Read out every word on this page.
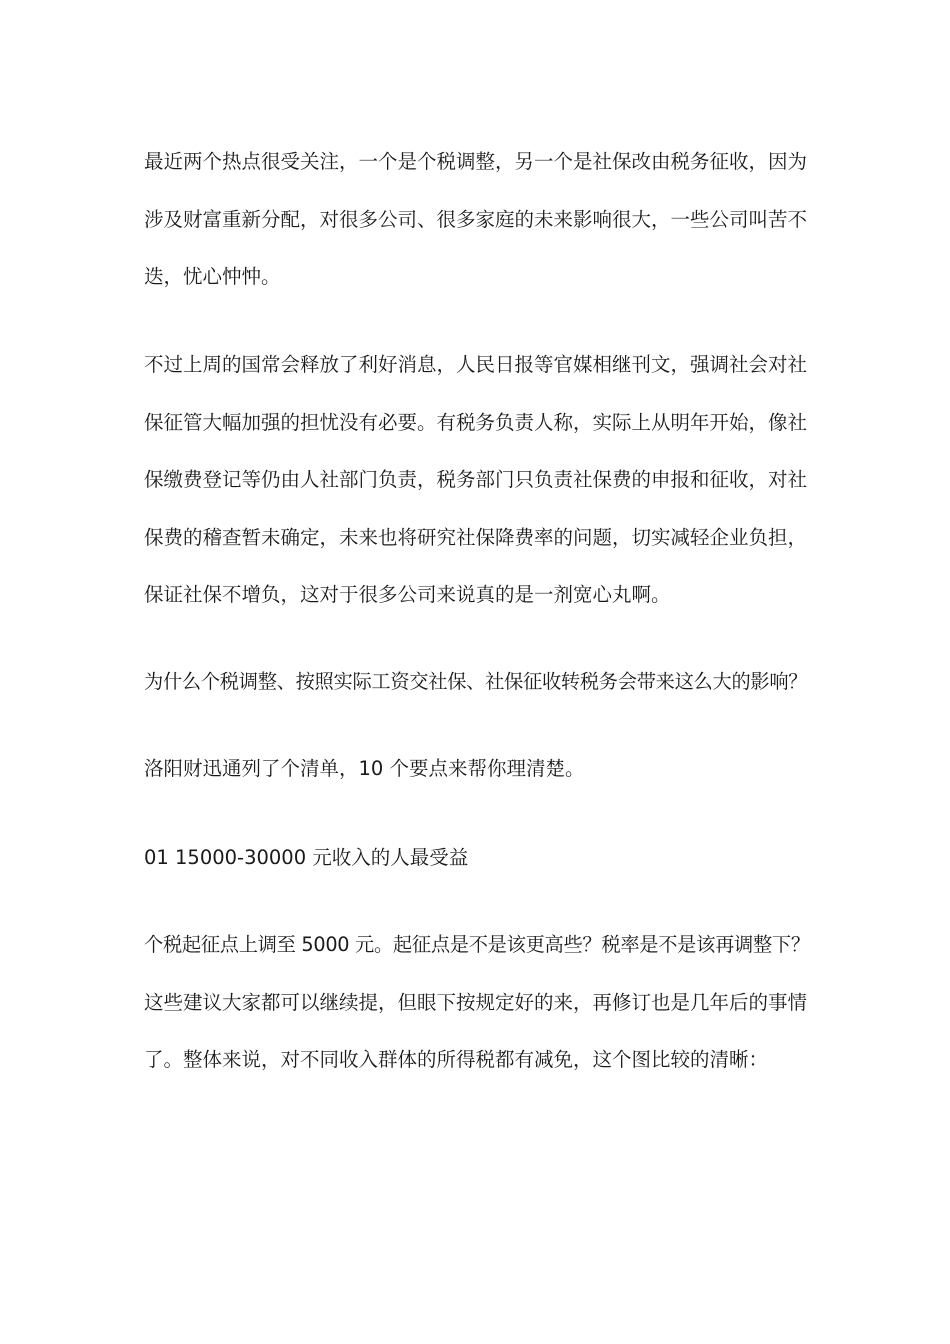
最近两个热点很受关注，一个是个税调整，另一个是社保改由税务征收，因为
涉及财富重新分配，对很多公司、很多家庭的未来影响很大，一些公司叫苦不
迭，忧心忡忡。
不过上周的国常会释放了利好消息，人民日报等官媒相继刊文，强调社会对社
保征管大幅加强的担忧没有必要。有税务负责人称，实际上从明年开始，像社
保缴费登记等仍由人社部门负责，税务部门只负责社保费的申报和征收，对社
保费的稽查暂未确定，未来也将研究社保降费率的问题，切实减轻企业负担，
保证社保不增负，这对于很多公司来说真的是一剂宽心丸啊。
为什么个税调整、按照实际工资交社保、社保征收转税务会带来这么大的影响？
洛阳财迅通列了个清单，10 个要点来帮你理清楚。
01 15000-30000 元收入的人最受益
个税起征点上调至 5000 元。起征点是不是该更高些？税率是不是该再调整下？
这些建议大家都可以继续提，但眼下按规定好的来，再修订也是几年后的事情
了。整体来说，对不同收入群体的所得税都有减免，这个图比较的清晰：
